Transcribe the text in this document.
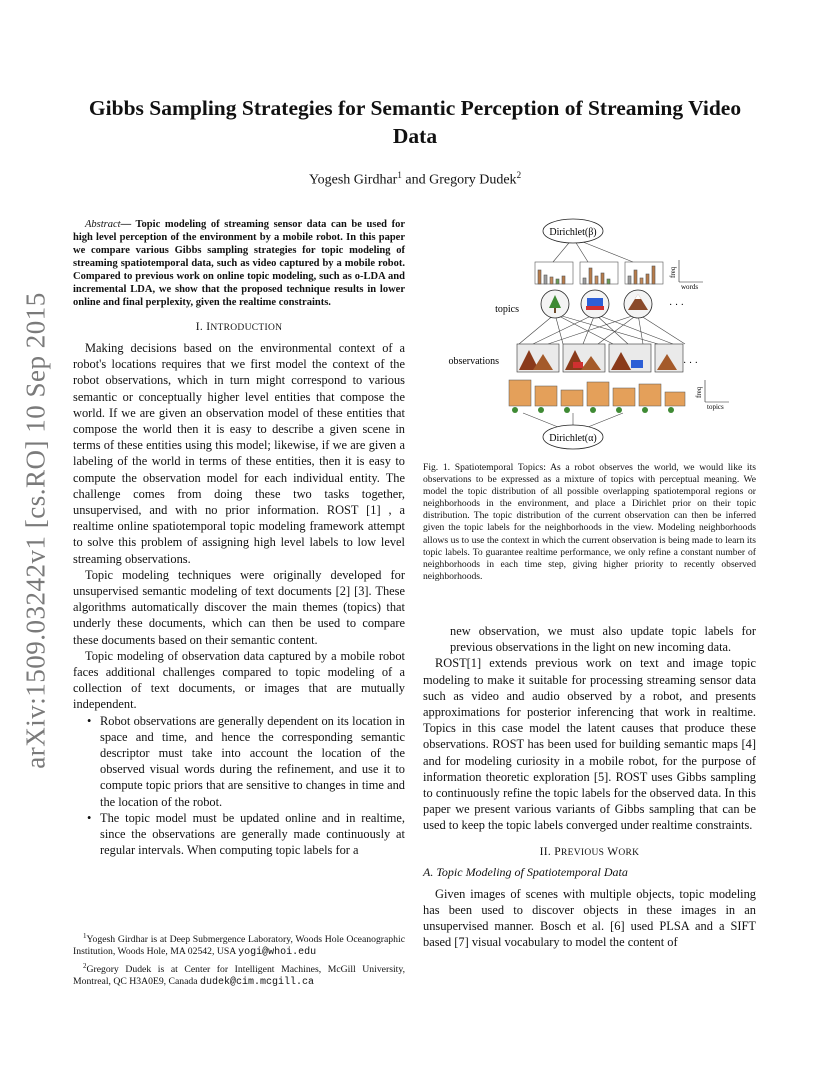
arXiv:1509.03242v1 [cs.RO] 10 Sep 2015
Gibbs Sampling Strategies for Semantic Perception of Streaming Video Data
Yogesh Girdhar$^1$ and Gregory Dudek$^2$

Abstract— Topic modeling of streaming sensor data can be used for high level perception of the environment by a mobile robot. In this paper we compare various Gibbs sampling strategies for topic modeling of streaming spatiotemporal data, such as video captured by a mobile robot. Compared to previous work on online topic modeling, such as o-LDA and incremental LDA, we show that the proposed technique results in lower online and final perplexity, given the realtime constraints.

I. INTRODUCTION

Making decisions based on the environmental context of a robot's locations requires that we first model the context of the robot observations, which in turn might correspond to various semantic or conceptually higher level entities that compose the world. If we are given an observation model of these entities that compose the world then it is easy to describe a given scene in terms of these entities using this model; likewise, if we are given a labeling of the world in terms of these entities, then it is easy to compute the observation model for each individual entity. The challenge comes from doing these two tasks together, unsupervised, and with no prior information. ROST [1] , a realtime online spatiotemporal topic modeling framework attempt to solve this problem of assigning high level labels to low level streaming observations.

Topic modeling techniques were originally developed for unsupervised semantic modeling of text documents [2] [3]. These algorithms automatically discover the main themes (topics) that underly these documents, which can then be used to compare these documents based on their semantic content.

Topic modeling of observation data captured by a mobile robot faces additional challenges compared to topic modeling of a collection of text documents, or images that are mutually independent.

• Robot observations are generally dependent on its location in space and time, and hence the corresponding semantic descriptor must take into account the location of the observed visual words during the refinement, and use it to compute topic priors that are sensitive to changes in time and the location of the robot.
• The topic model must be updated online and in realtime, since the observations are generally made continuously at regular intervals. When computing topic labels for a

$^1$Yogesh Girdhar is at Deep Submergence Laboratory, Woods Hole Oceanographic Institution, Woods Hole, MA 02542, USA yogi@whoi.edu

$^2$Gregory Dudek is at Center for Intelligent Machines, McGill University, Montreal, QC H3A0E9, Canada dudek@cim.mcgill.ca

Dirichlet(β)
freq
words
topics	· · ·
observations	· · ·
freq
topics
Dirichlet(α)

Fig. 1. Spatiotemporal Topics: As a robot observes the world, we would like its observations to be expressed as a mixture of topics with perceptual meaning. We model the topic distribution of all possible overlapping spatiotemporal regions or neighborhoods in the environment, and place a Dirichlet prior on their topic distribution. The topic distribution of the current observation can then be inferred given the topic labels for the neighborhoods in the view. Modeling neighborhoods allows us to use the context in which the current observation is being made to learn its topic labels. To guarantee realtime performance, we only refine a constant number of neighborhoods in each time step, giving higher priority to recently observed neighborhoods.

new observation, we must also update topic labels for previous observations in the light on new incoming data.

ROST[1] extends previous work on text and image topic modeling to make it suitable for processing streaming sensor data such as video and audio observed by a robot, and presents approximations for posterior inferencing that work in realtime. Topics in this case model the latent causes that produce these observations. ROST has been used for building semantic maps [4] and for modeling curiosity in a mobile robot, for the purpose of information theoretic exploration [5]. ROST uses Gibbs sampling to continuously refine the topic labels for the observed data. In this paper we present various variants of Gibbs sampling that can be used to keep the topic labels converged under realtime constraints.

II. PREVIOUS WORK
A. Topic Modeling of Spatiotemporal Data

Given images of scenes with multiple objects, topic modeling has been used to discover objects in these images in an unsupervised manner. Bosch et al. [6] used PLSA and a SIFT based [7] visual vocabulary to model the content of
